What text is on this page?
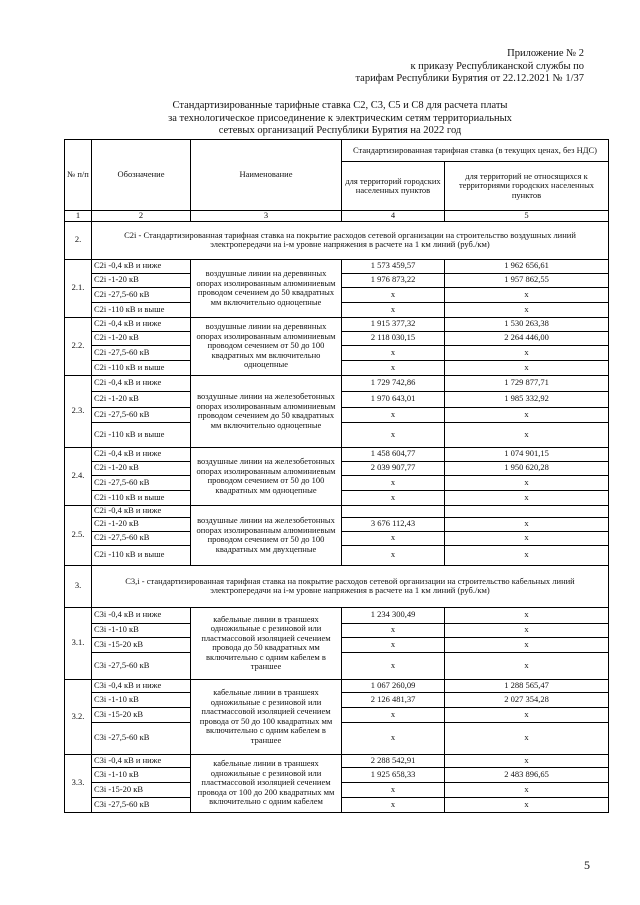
Приложение № 2
к приказу Республиканской службы по
тарифам Республики Бурятия от 22.12.2021 № 1/37
Стандартизированные тарифные ставка С2, С3, С5 и С8 для расчета платы
за технологическое присоединение к электрическим сетям территориальных
сетевых организаций Республики Бурятия на 2022 год
№ п/п	Обозначение	Наименование	Стандартизированная тарифная ставка (в текущих ценах, без НДС)	
			для территорий городских населенных пунктов	для территорий не относящихся к территориями городских населенных пунктов
1	2	3	4	5
2.	С2i - Стандартизированная тарифная ставка на покрытие расходов сетевой организации на строительство воздушных линий электропередачи на i-м уровне напряжения в расчете на 1 км линий (руб./км)			
2.1.	С2i -0,4 кВ и ниже	воздушные линии на деревянных опорах изолированным алюминиевым проводом сечением до 50 квадратных мм включительно одноцепные	1 573 459,57	1 962 656,61
	С2i -1-20 кВ		1 976 873,22	1 957 862,55
	С2i -27,5-60 кВ		x	x
	С2i -110 кВ и выше		x	x
2.2.	С2i -0,4 кВ и ниже	воздушные линии на деревянных опорах изолированным алюминиевым проводом сечением от 50 до 100 квадратных мм включительно одноцепные	1 915 377,32	1 530 263,38
	С2i -1-20 кВ		2 118 030,15	2 264 446,00
	С2i -27,5-60 кВ		x	x
	С2i -110 кВ и выше		x	x
2.3.	С2i -0,4 кВ и ниже	воздушные линии на железобетонных опорах изолированным алюминиевым проводом сечением до 50 квадратных мм включительно одноцепные	1 729 742,86	1 729 877,71
	С2i -1-20 кВ		1 970 643,01	1 985 332,92
	С2i -27,5-60 кВ		x	x
	С2i -110 кВ и выше		x	x
2.4.	С2i -0,4 кВ и ниже	воздушные линии на железобетонных опорах изолированным алюминиевым проводом сечением от 50 до 100 квадратных мм одноцепные	1 458 604,77	1 074 901,15
	С2i -1-20 кВ		2 039 907,77	1 950 620,28
	С2i -27,5-60 кВ		x	x
	С2i -110 кВ и выше		x	x
2.5.	С2i -0,4 кВ и ниже	воздушные линии на железобетонных опорах изолированным алюминиевым проводом сечением от 50 до 100 квадратных мм двухцепные		
	С2i -1-20 кВ		3 676 112,43	x
	С2i -27,5-60 кВ		x	x
	С2i -110 кВ и выше		x	x
3.	С3,i - стандартизированная тарифная ставка на покрытие расходов сетевой организации на строительство кабельных линий электропередачи на i-м уровне напряжения в расчете на 1 км линий (руб./км)			
3.1.	С3i -0,4 кВ и ниже	кабельные линии в траншеях одножильные с резиновой или пластмассовой изоляцией сечением провода до 50 квадратных мм включительно с одним кабелем в траншее	1 234 300,49	x
	С3i -1-10 кВ		x	x
	С3i -15-20 кВ		x	x
	С3i -27,5-60 кВ		x	x
3.2.	С3i -0,4 кВ и ниже	кабельные линии в траншеях одножильные с резиновой или пластмассовой изоляцией сечением провода от 50 до 100 квадратных мм включительно с одним кабелем в траншее	1 067 260,09	1 288 565,47
	С3i -1-10 кВ		2 126 481,37	2 027 354,28
	С3i -15-20 кВ		x	x
	С3i -27,5-60 кВ		x	x
3.3.	С3i -0,4 кВ и ниже	кабельные линии в траншеях одножильные с резиновой или пластмассовой изоляцией сечением провода от 100 до 200 квадратных мм включительно с одним кабелем	2 288 542,91	x
	С3i -1-10 кВ		1 925 658,33	2 483 896,65
	С3i -15-20 кВ		x	x
	С3i -27,5-60 кВ		x	x
5
